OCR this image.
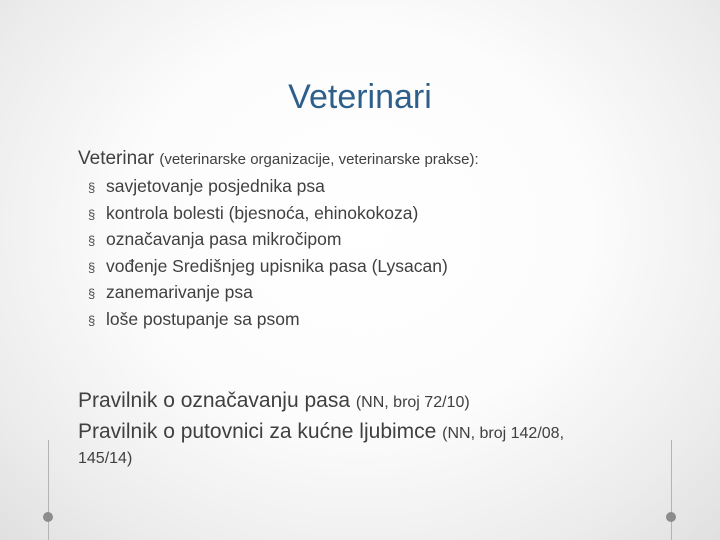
Veterinari
Veterinar (veterinarske organizacije, veterinarske prakse):
§ savjetovanje posjednika psa
§ kontrola bolesti (bjesnoća, ehinokokoza)
§ označavanja pasa mikročipom
§ vođenje Središnjeg upisnika pasa (Lysacan)
§ zanemarivanje psa
§ loše postupanje sa psom
Pravilnik o označavanju pasa (NN, broj 72/10)
Pravilnik o putovnici za kućne ljubimce (NN, broj 142/08,
145/14)
